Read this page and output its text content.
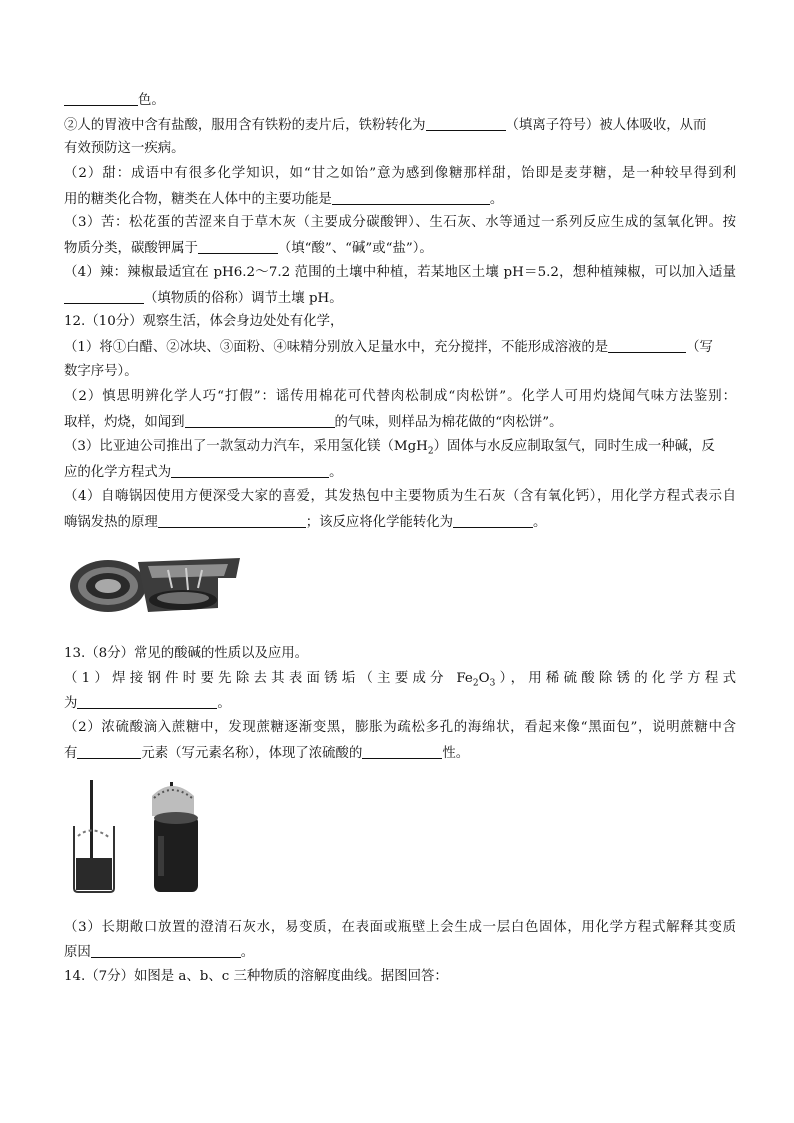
色。
②人的胃液中含有盐酸，服用含有铁粉的麦片后，铁粉转化为	（填离子符号）被人体吸收，从而
有效预防这一疾病。
（2）甜：成语中有很多化学知识，如“甘之如饴”意为感到像糖那样甜，饴即是麦芽糖，是一种较早得到利
用的糖类化合物，糖类在人体中的主要功能是	。
（3）苦：松花蛋的苦涩来自于草木灰（主要成分碳酸钾）、生石灰、水等通过一系列反应生成的氢氧化钾。按
物质分类，碳酸钾属于	（填“酸”、“碱”或“盐”）。
（4）辣：辣椒最适宜在 pH6.2～7.2 范围的土壤中种植，若某地区土壤 pH＝5.2，想种植辣椒，可以加入适量
（填物质的俗称）调节土壤 pH。
12.（10分）观察生活，体会身边处处有化学，
（1）将①白醋、②冰块、③面粉、④味精分别放入足量水中，充分搅拌，不能形成溶液的是	（写
数字序号）。
（2）慎思明辨化学人巧“打假”：谣传用棉花可代替肉松制成“肉松饼”。化学人可用灼烧闻气味方法鉴别：
取样，灼烧，如闻到	的气味，则样品为棉花做的“肉松饼”。
（3）比亚迪公司推出了一款氢动力汽车，采用氢化镁（MgH$_2$）固体与水反应制取氢气，同时生成一种碱，反
应的化学方程式为	。
（4）自嗨锅因使用方便深受大家的喜爱，其发热包中主要物质为生石灰（含有氧化钙），用化学方程式表示自
嗨锅发热的原理	；该反应将化学能转化为	。
13.（8分）常见的酸碱的性质以及应用。
（1）焊接钢件时要先除去其表面锈垢（主要成分 $Fe_2O_3$），用稀硫酸除锈的化学方程式
为	。
（2）浓硫酸滴入蔗糖中，发现蔗糖逐渐变黑，膨胀为疏松多孔的海绵状，看起来像“黑面包”，说明蔗糖中含
有	元素（写元素名称），体现了浓硫酸的	性。
（3）长期敞口放置的澄清石灰水，易变质，在表面或瓶壁上会生成一层白色固体，用化学方程式解释其变质
原因	。
14.（7分）如图是 a、b、c 三种物质的溶解度曲线。据图回答：
